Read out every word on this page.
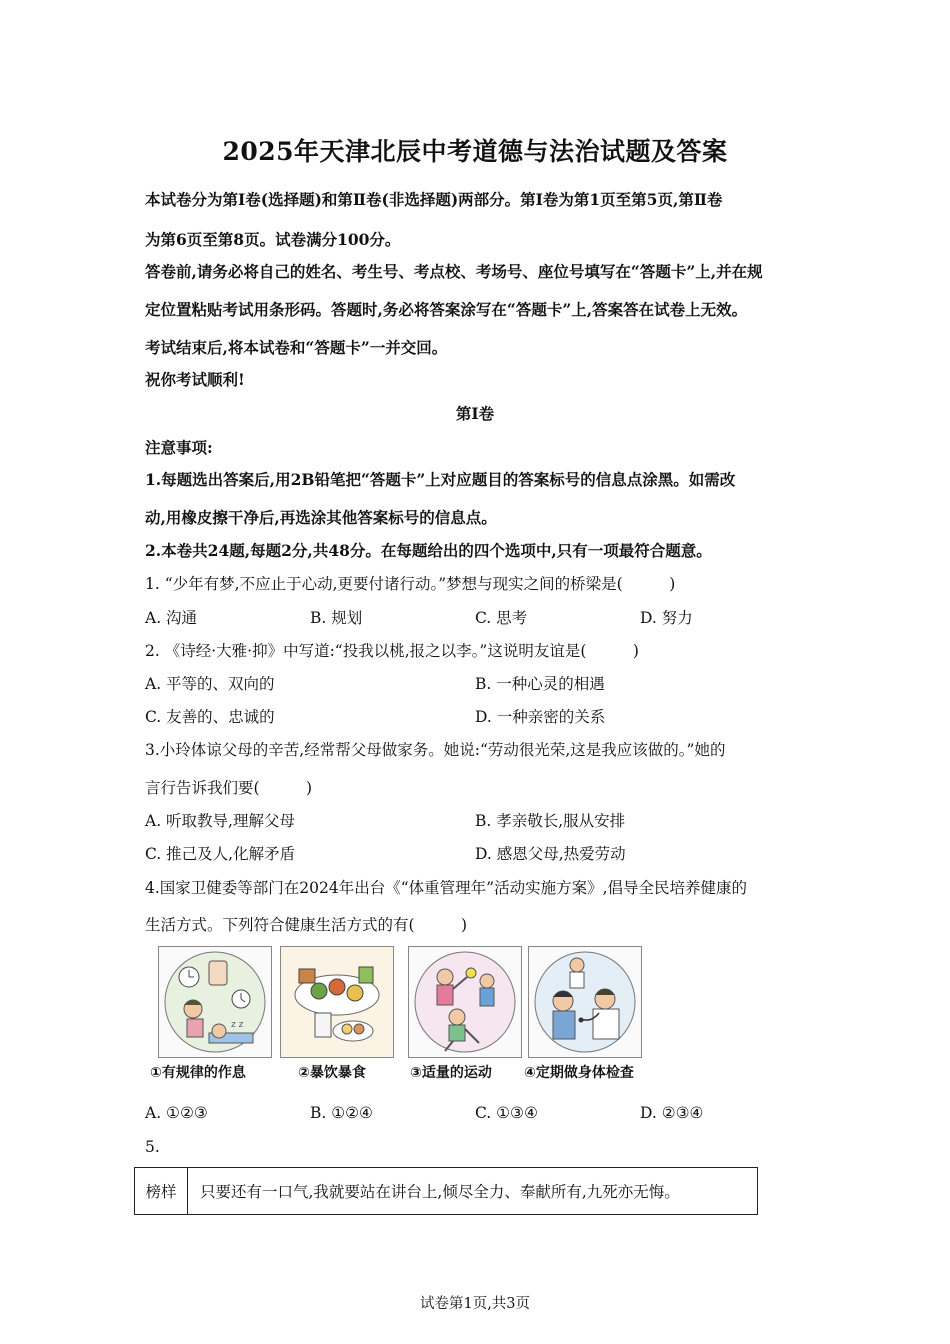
2025年天津北辰中考道德与法治试题及答案
本试卷分为第Ⅰ卷(选择题)和第Ⅱ卷(非选择题)两部分。第Ⅰ卷为第1页至第5页,第Ⅱ卷
为第6页至第8页。试卷满分100分。
答卷前,请务必将自己的姓名、考生号、考点校、考场号、座位号填写在“答题卡”上,并在规
定位置粘贴考试用条形码。答题时,务必将答案涂写在“答题卡”上,答案答在试卷上无效。
考试结束后,将本试卷和“答题卡”一并交回。
祝你考试顺利!
第Ⅰ卷
注意事项:
1.每题选出答案后,用2B铅笔把“答题卡”上对应题目的答案标号的信息点涂黑。如需改
动,用橡皮擦干净后,再选涂其他答案标号的信息点。
2.本卷共24题,每题2分,共48分。在每题给出的四个选项中,只有一项最符合题意。
1. “少年有梦,不应止于心动,更要付诸行动。”梦想与现实之间的桥梁是(　　　)
A. 沟通	B. 规划	C. 思考	D. 努力
2. 《诗经·大雅·抑》中写道:“投我以桃,报之以李。”这说明友谊是(　　　)
A. 平等的、双向的	B. 一种心灵的相遇
C. 友善的、忠诚的	D. 一种亲密的关系
3.小玲体谅父母的辛苦,经常帮父母做家务。她说:“劳动很光荣,这是我应该做的。”她的
言行告诉我们要(　　　)
A. 听取教导,理解父母	B. 孝亲敬长,服从安排
C. 推己及人,化解矛盾	D. 感恩父母,热爱劳动
4.国家卫健委等部门在2024年出台《“体重管理年”活动实施方案》,倡导全民培养健康的
生活方式。下列符合健康生活方式的有(　　　)
z z
①有规律的作息	②暴饮暴食	③适量的运动 ④定期做身体检查
A. ①②③	B. ①②④	C. ①③④	D. ②③④
5.
榜样	只要还有一口气,我就要站在讲台上,倾尽全力、奉献所有,九死亦无悔。
试卷第1页,共3页
